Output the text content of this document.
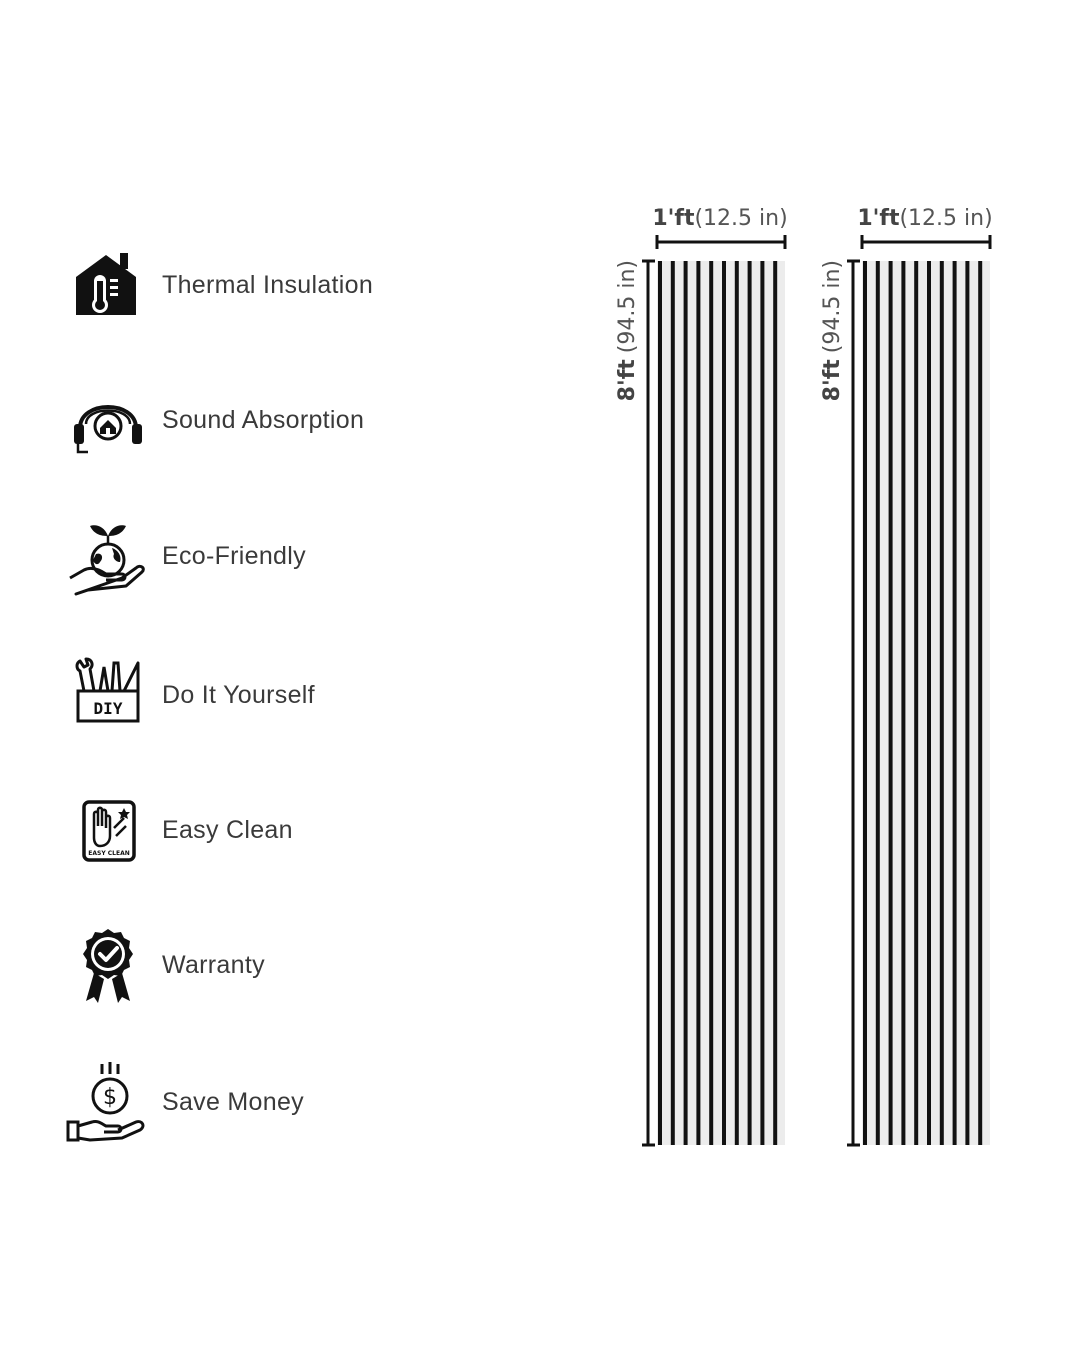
Thermal Insulation
Sound Absorption
Eco-Friendly
DIY Do It Yourself
EASY CLEAN
Easy Clean
Warranty
$ Save Money
1'ft(12.5 in)
8'ft(94.5 in)
1'ft(12.5 in)
8'ft(94.5 in)
